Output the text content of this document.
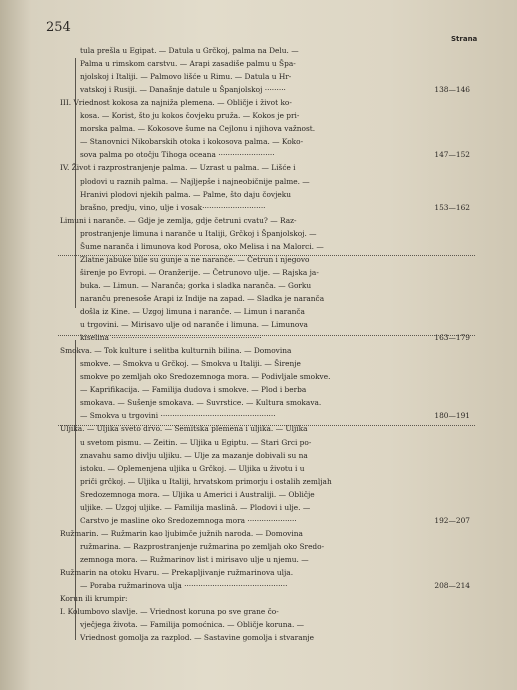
254
Strana
tula prešla u Egipat. — Datula u Grčkoj, palma na Delu. —
Palma u rimskom carstvu. — Arapi zasadiše palmu u Špa-
njolskoj i Italiji. — Palmovo lišće u Rimu. — Datula u Hr-
vatskoj i Rusiji. — Današnje datule u Španjolskoj ·········	138—146
III. Vriednost kokosa za najniža plemena. — Obličje i život ko-
kosa. — Korist, što ju kokos čovjeku pruža. — Kokos je pri-
morska palma. — Kokosove šume na Cejlonu i njihova važnost.
— Stanovnici Nikobarskih otoka i kokosova palma. — Koko-
sova palma po otočju Tihoga oceana ························	147—152
IV. Život i razprostranjenje palma. — Uzrast u palma. — Lišće i
plodovi u raznih palma. — Najljepše i najneobičnije palme. —
Hranivi plodovi njekih palma. — Palme, što daju čovjeku
brašno, predju, vino, ulje i vosak···························	153—162
Limuni i naranče. — Gdje je zemlja, gdje četruni cvatu? — Raz-
prostranjenje limuna i naranče u Italiji, Grčkoj i Španjolskoj. —
Šume naranča i limunova kod Porosa, oko Melisa i na Malorci. —
Zlatne jabuke bile su gunje a ne naranče. — Četrun i njegovo
širenje po Evropi. — Oranžerije. — Četrunovo ulje. — Rajska ja-
buka. — Limun. — Naranča; gorka i sladka naranča. — Gorku
naranču prenesoše Arapi iz Indije na zapad. — Sladka je naranča
došla iz Kine. — Uzgoj limuna i naranče. — Limun i naranča
u trgovini. — Mirisavo ulje od naranče i limuna. — Limunova
kiselina ································································	163—179
Smokva. — Tok kulture i selitba kulturnih bilina. — Domovina
smokve. — Smokva u Grčkoj. — Smokva u Italiji. — Širenje
smokve po zemljah oko Sredozemnoga mora. — Podivljale smokve.
— Kaprifikacija. — Familija dudova i smokve. — Plod i berba
smokava. — Sušenje smokava. — Suvrstice. — Kultura smokava.
— Smokva u trgovini ·················································	180—191
Uljika. — Uljika sveto drvo. — Semitska plemena i uljika. — Uljika
u svetom pismu. — Zeitin. — Uljika u Egiptu. — Stari Grci po-
znavahu samo divlju uljiku. — Ulje za mazanje dobivali su na
istoku. — Oplemenjena uljika u Grčkoj. — Uljika u životu i u
priči grčkoj. — Uljika u Italiji, hrvatskom primorju i ostalih zemljah
Sredozemnoga mora. — Uljika u Americi i Australiji. — Obličje
uljike. — Uzgoj uljike. — Familija maslinâ. — Plodovi i ulje. —
Carstvo je masline oko Sredozemnoga mora ·····················	192—207
Ružmarin. — Ružmarin kao ljubimče južnih naroda. — Domovina
ružmarina. — Razprostranjenje ružmarina po zemljah oko Sredo-
zemnoga mora. — Ružmarinov list i mirisavo ulje u njemu. —
Ružmarin na otoku Hvaru. — Prekapljivanje ružmarinova ulja.
— Poraba ružmarinova ulja ············································	208—214
Korun ili krumpir:
I. Kolumbovo slavlje. — Vriednost koruna po sve grane čo-
vječjega života. — Familija pomoćnica. — Obličje koruna. —
Vriednost gomolja za razplod. — Sastavine gomolja i stvaranje
